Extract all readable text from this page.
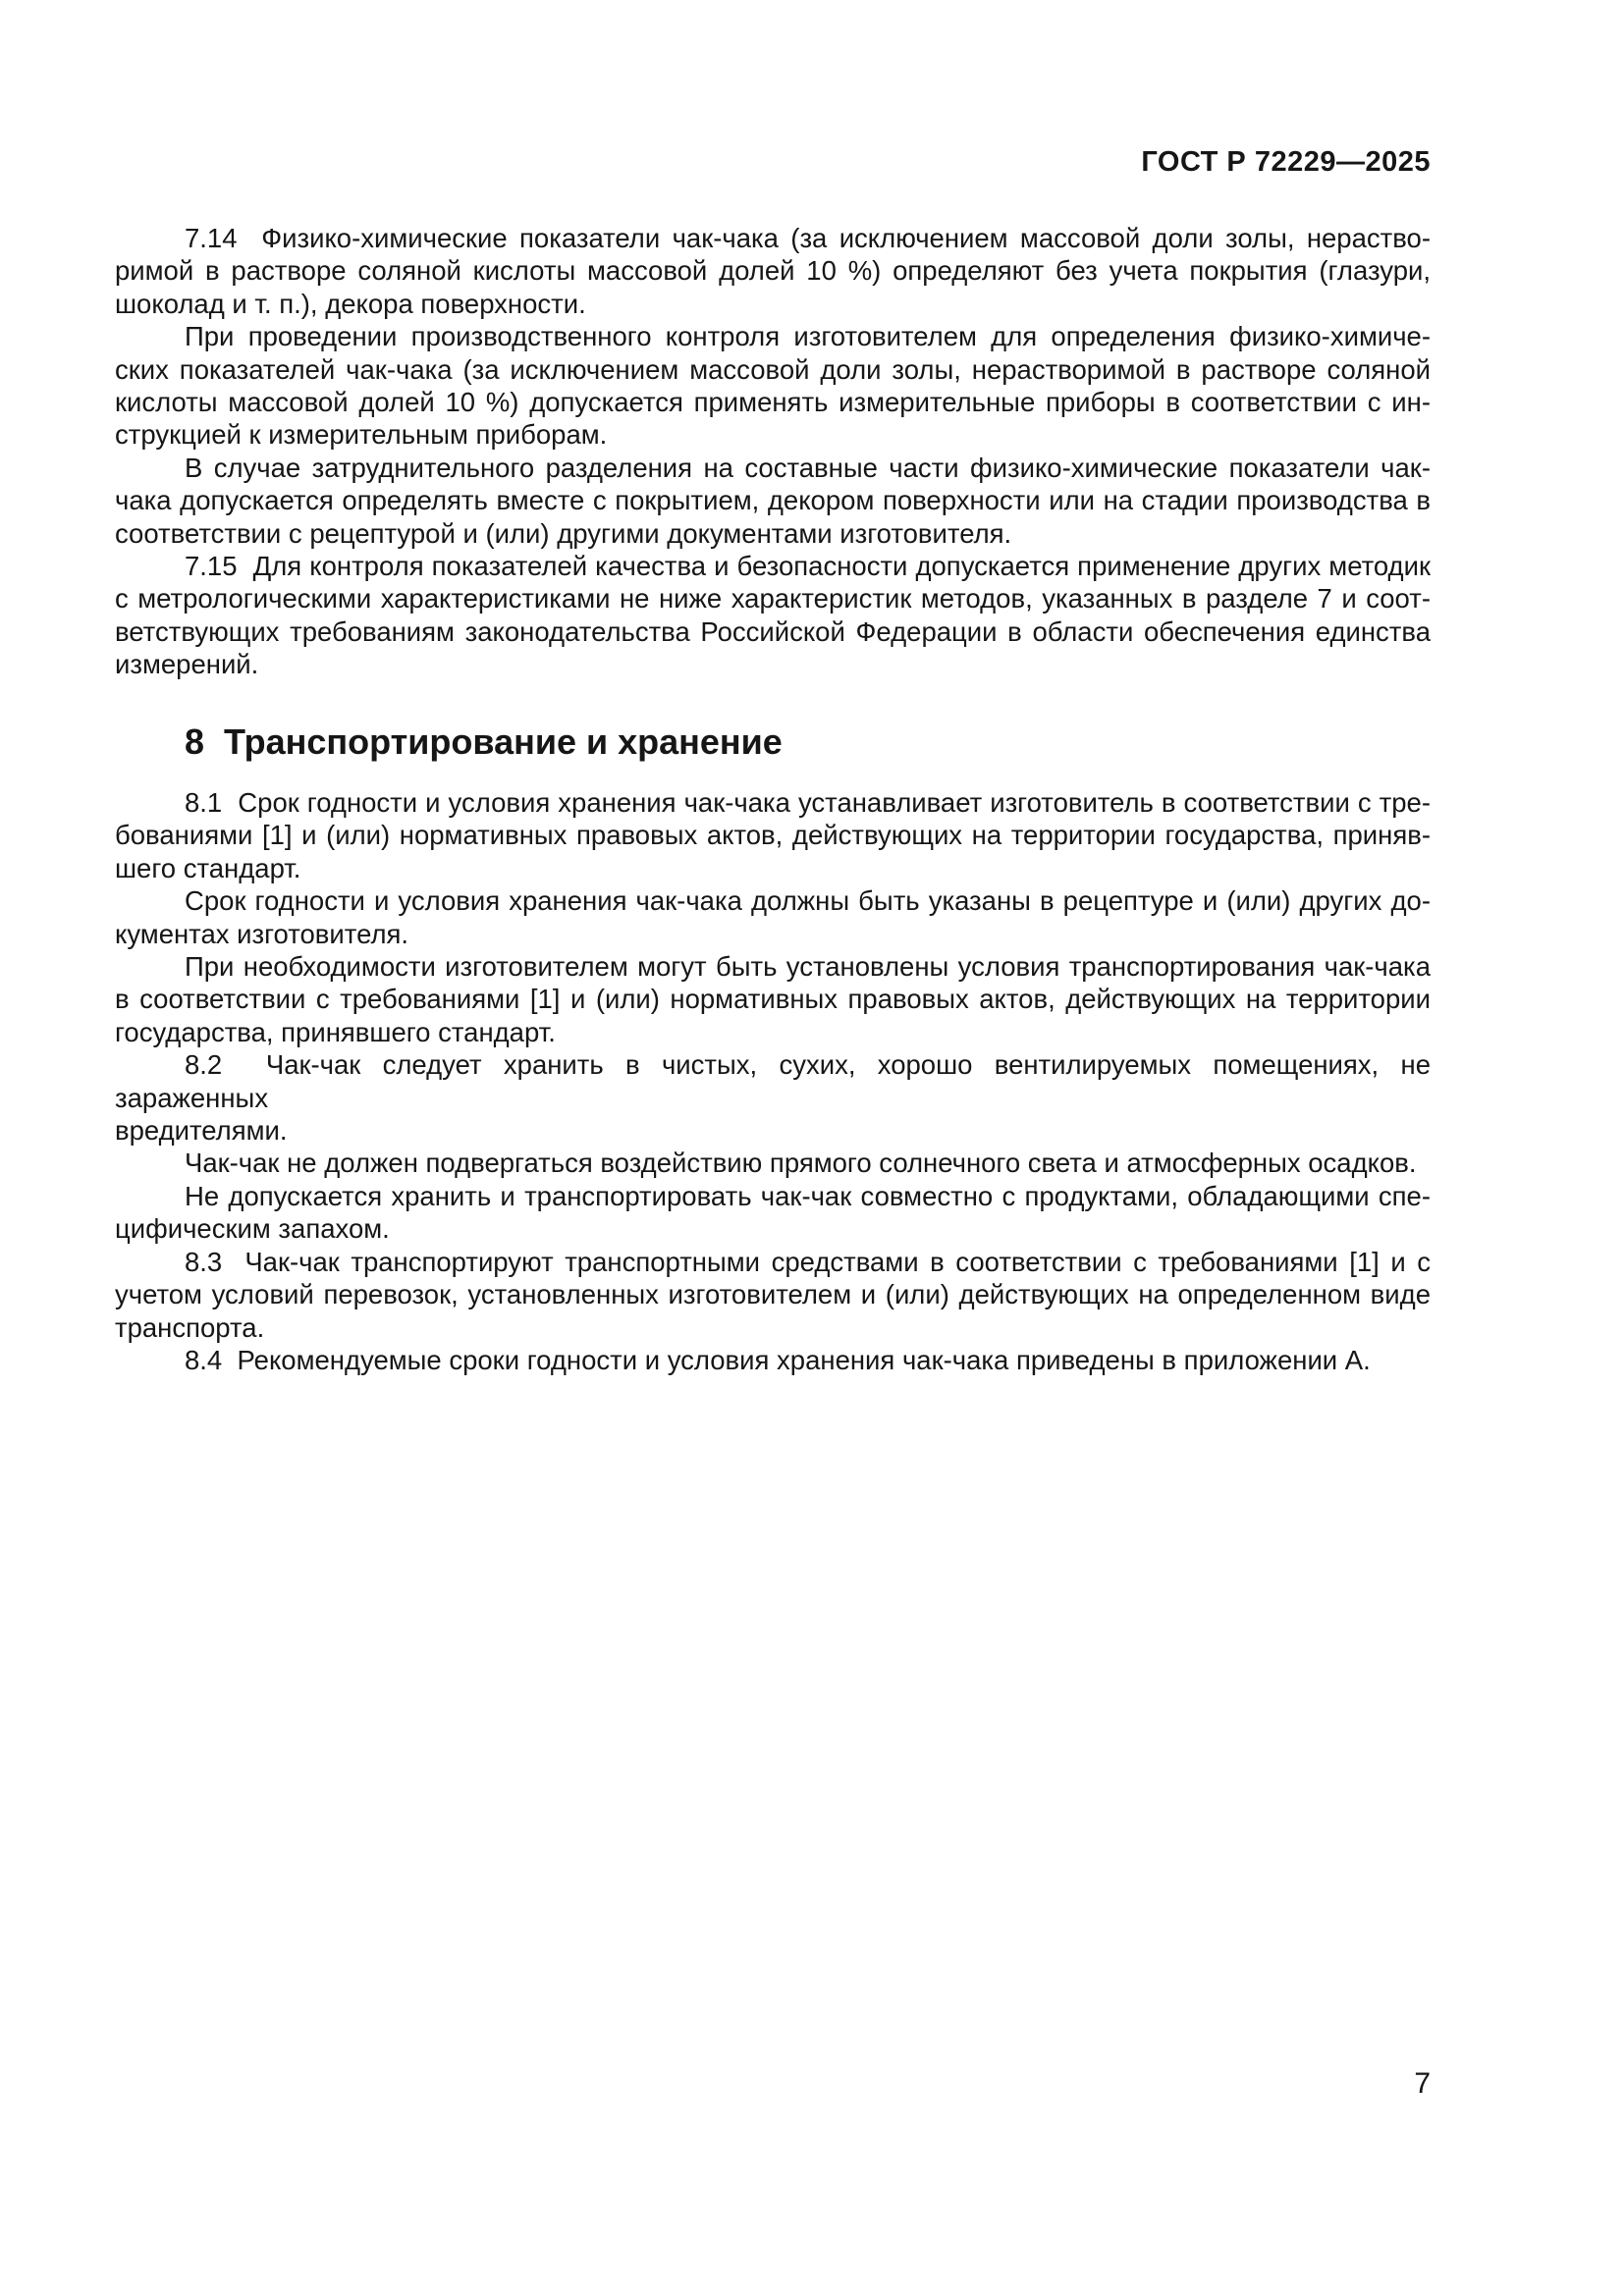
ГОСТ Р 72229—2025
7.14  Физико-химические показатели чак-чака (за исключением массовой доли золы, нераство-
римой в растворе соляной кислоты массовой долей 10 %) определяют без учета покрытия (глазури,
шоколад и т. п.), декора поверхности.
При проведении производственного контроля изготовителем для определения физико-химиче-
ских показателей чак-чака (за исключением массовой доли золы, нерастворимой в растворе соляной
кислоты массовой долей 10 %) допускается применять измерительные приборы в соответствии с ин-
струкцией к измерительным приборам.
В случае затруднительного разделения на составные части физико-химические показатели чак-
чака допускается определять вместе с покрытием, декором поверхности или на стадии производства в
соответствии с рецептурой и (или) другими документами изготовителя.
7.15  Для контроля показателей качества и безопасности допускается применение других методик
с метрологическими характеристиками не ниже характеристик методов, указанных в разделе 7 и соот-
ветствующих требованиям законодательства Российской Федерации в области обеспечения единства
измерений.
8  Транспортирование и хранение
8.1  Срок годности и условия хранения чак-чака устанавливает изготовитель в соответствии с тре-
бованиями [1] и (или) нормативных правовых актов, действующих на территории государства, приняв-
шего стандарт.
Срок годности и условия хранения чак-чака должны быть указаны в рецептуре и (или) других до-
кументах изготовителя.
При необходимости изготовителем могут быть установлены условия транспортирования чак-чака
в соответствии с требованиями [1] и (или) нормативных правовых актов, действующих на территории
государства, принявшего стандарт.
8.2  Чак-чак следует хранить в чистых, сухих, хорошо вентилируемых помещениях, не зараженных
вредителями.
Чак-чак не должен подвергаться воздействию прямого солнечного света и атмосферных осадков.
Не допускается хранить и транспортировать чак-чак совместно с продуктами, обладающими спе-
цифическим запахом.
8.3  Чак-чак транспортируют транспортными средствами в соответствии с требованиями [1] и с
учетом условий перевозок, установленных изготовителем и (или) действующих на определенном виде
транспорта.
8.4  Рекомендуемые сроки годности и условия хранения чак-чака приведены в приложении А.
7
